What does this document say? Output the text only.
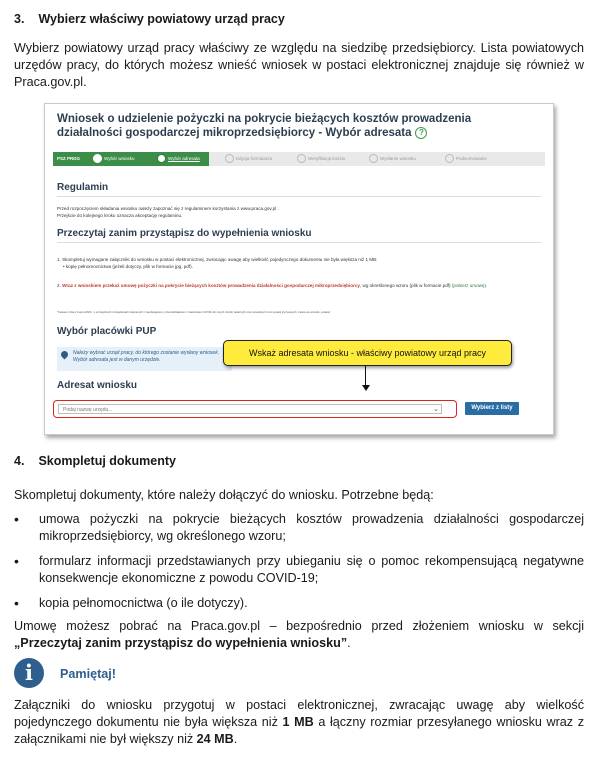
3. Wybierz właściwy powiatowy urząd pracy
Wybierz powiatowy urząd pracy właściwy ze względu na siedzibę przedsiębiorcy. Lista powiatowych urzędów pracy, do których możesz wnieść wniosek w postaci elektronicznej znajduje się również w Praca.gov.pl.
Wniosek o udzielenie pożyczki na pokrycie bieżących kosztów prowadzenia działalności gospodarczej mikroprzedsiębiorcy - Wybór adresata ?
PSZ PRDG	Wybór wniosku	Wybór adresata	Edycja formularza	Weryfikacja kosztu	Wysłanie wniosku	Podsumowanie
Regulamin
Przed rozpoczęciem składania wniosku należy zapoznać się z regulaminem korzystania z www.praca.gov.pl .
Przejście do kolejnego kroku oznacza akceptację regulaminu.
Przeczytaj zanim przystąpisz do wypełnienia wniosku
1. Skompletuj wymagane załączniki do wniosku w postaci elektronicznej, zwracając uwagę aby wielkość pojedynczego dokumentu nie była większa niż 1 MB:
• kopię pełnomocnictwa (jeżeli dotyczy, plik w formacie jpg, pdf).
2. Wraz z wnioskiem przekaż umowę pożyczki na pokrycie bieżących kosztów prowadzenia działalności gospodarczej mikroprzedsiębiorcy, wg określonego wzoru (plik w formacie pdf) (pobierz umowę).
*Ustawa z dnia 2 marca 2020 r. o szczególnych rozwiązaniach związanych z zapobieganiem, przeciwdziałaniem i zwalczaniem COVID-19, innych chorób zakaźnych oraz wywołanych nimi sytuacji kryzysowych, zwana we wniosku „ustawą".
Wybór placówki PUP
Należy wybrać urząd pracy, do którego zostanie wysłany wniosek. Wybór adresata jest w danym urzędzie.
Wskaż adresata wniosku - właściwy powiatowy urząd pracy
Adresat wniosku
Podaj nazwę urzędu...	⌄	Wybierz z listy
4. Skompletuj dokumenty
Skompletuj dokumenty, które należy dołączyć do wniosku. Potrzebne będą:
• umowa pożyczki na pokrycie bieżących kosztów prowadzenia działalności gospodarczej mikroprzedsiębiorcy, wg określonego wzoru;
• formularz informacji przedstawianych przy ubieganiu się o pomoc rekompensującą negatywne konsekwencje ekonomiczne z powodu COVID-19;
• kopia pełnomocnictwa (o ile dotyczy).
Umowę możesz pobrać na Praca.gov.pl – bezpośrednio przed złożeniem wniosku w sekcji „Przeczytaj zanim przystąpisz do wypełnienia wniosku”.
i	Pamiętaj!
Załączniki do wniosku przygotuj w postaci elektronicznej, zwracając uwagę aby wielkość pojedynczego dokumentu nie była większa niż 1 MB a łączny rozmiar przesyłanego wniosku wraz z załącznikami nie był większy niż 24 MB.
